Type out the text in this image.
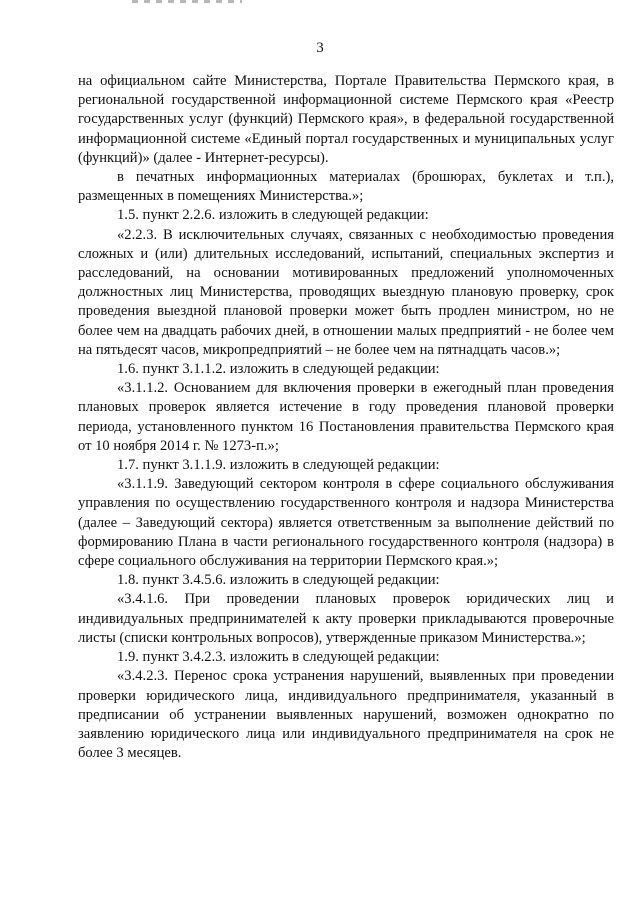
3

на официальном сайте Министерства, Портале Правительства Пермского края, в региональной государственной информационной системе Пермского края «Реестр государственных услуг (функций) Пермского края», в федеральной государственной информационной системе «Единый портал государственных и муниципальных услуг (функций)» (далее - Интернет-ресурсы).

в печатных информационных материалах (брошюрах, буклетах и т.п.), размещенных в помещениях Министерства.»;

1.5. пункт 2.2.6. изложить в следующей редакции:

«2.2.3. В исключительных случаях, связанных с необходимостью проведения сложных и (или) длительных исследований, испытаний, специальных экспертиз и расследований, на основании мотивированных предложений уполномоченных должностных лиц Министерства, проводящих выездную плановую проверку, срок проведения выездной плановой проверки может быть продлен министром, но не более чем на двадцать рабочих дней, в отношении малых предприятий - не более чем на пятьдесят часов, микропредприятий – не более чем на пятнадцать часов.»;

1.6. пункт 3.1.1.2. изложить в следующей редакции:

«3.1.1.2. Основанием для включения проверки в ежегодный план проведения плановых проверок является истечение в году проведения плановой проверки периода, установленного пунктом 16 Постановления правительства Пермского края от 10 ноября 2014 г. № 1273-п.»;

1.7. пункт 3.1.1.9. изложить в следующей редакции:

«3.1.1.9. Заведующий сектором контроля в сфере социального обслуживания управления по осуществлению государственного контроля и надзора Министерства (далее – Заведующий сектора) является ответственным за выполнение действий по формированию Плана в части регионального государственного контроля (надзора) в сфере социального обслуживания на территории Пермского края.»;

1.8. пункт 3.4.5.6. изложить в следующей редакции:

«3.4.1.6. При проведении плановых проверок юридических лиц и индивидуальных предпринимателей к акту проверки прикладываются проверочные листы (списки контрольных вопросов), утвержденные приказом Министерства.»;

1.9. пункт 3.4.2.3. изложить в следующей редакции:

«3.4.2.3. Перенос срока устранения нарушений, выявленных при проведении проверки юридического лица, индивидуального предпринимателя, указанный в предписании об устранении выявленных нарушений, возможен однократно по заявлению юридического лица или индивидуального предпринимателя на срок не более 3 месяцев.
